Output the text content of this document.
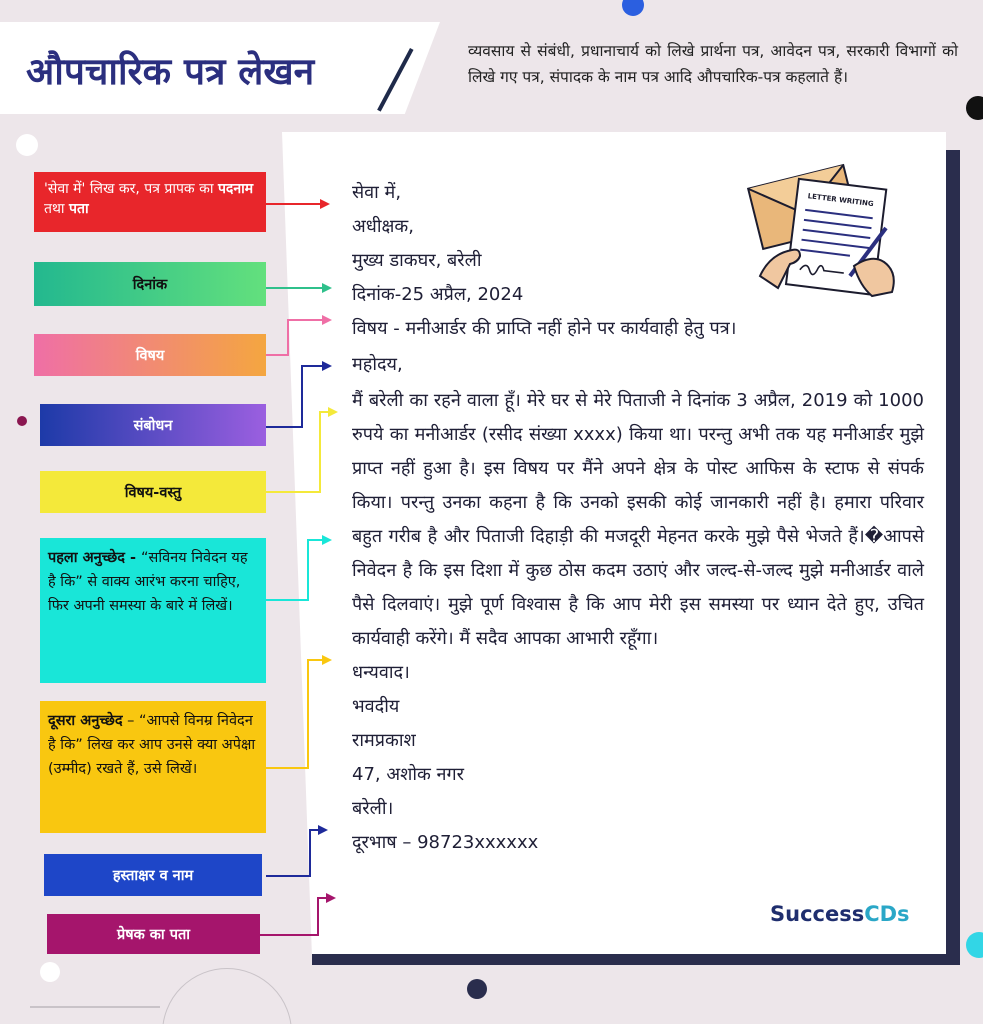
औपचारिक पत्र लेखन	व्यवसाय से संबंधी, प्रधानाचार्य को लिखे प्रार्थना पत्र, आवेदन पत्र, सरकारी विभागों को लिखे गए पत्र, संपादक के नाम पत्र आदि औपचारिक-पत्र कहलाते हैं।
LETTER WRITING
सेवा में,
अधीक्षक,
मुख्य डाकघर, बरेली
दिनांक-25 अप्रैल, 2024
विषय - मनीआर्डर की प्राप्ति नहीं होने पर कार्यवाही हेतु पत्र।
महोदय,
मैं बरेली का रहने वाला हूँ। मेरे घर से मेरे पिताजी ने दिनांक 3 अप्रैल, 2019 को 1000 रुपये का मनीआर्डर (रसीद संख्या xxxx) किया था। परन्तु अभी तक यह मनीआर्डर मुझे प्राप्त नहीं हुआ है। इस विषय पर मैंने अपने क्षेत्र के पोस्ट आफिस के स्टाफ से संपर्क किया। परन्तु उनका कहना है कि उनको इसकी कोई जानकारी नहीं है। हमारा परिवार बहुत गरीब है और पिताजी दिहाड़ी की मजदूरी मेहनत करके मुझे पैसे भेजते हैं।�आपसे निवेदन है कि इस दिशा में कुछ ठोस कदम उठाएं और जल्द-से-जल्द मुझे मनीआर्डर वाले पैसे दिलवाएं। मुझे पूर्ण विश्वास है कि आप मेरी इस समस्या पर ध्यान देते हुए, उचित कार्यवाही करेंगे। मैं सदैव आपका आभारी रहूँगा।
धन्यवाद।
भवदीय
रामप्रकाश
47, अशोक नगर
बरेली।
दूरभाष – 98723xxxxxx
SuccessCDs
'सेवा में' लिख कर, पत्र प्रापक का पदनाम तथा पता
दिनांक
विषय
संबोधन
विषय-वस्तु
पहला अनुच्छेद - “सविनय निवेदन यह है कि” से वाक्य आरंभ करना चाहिए, फिर अपनी समस्या के बारे में लिखें।
दूसरा अनुच्छेद – “आपसे विनम्र निवेदन है कि” लिख कर आप उनसे क्या अपेक्षा (उम्मीद) रखते हैं, उसे लिखें।
हस्ताक्षर व नाम
प्रेषक का पता
